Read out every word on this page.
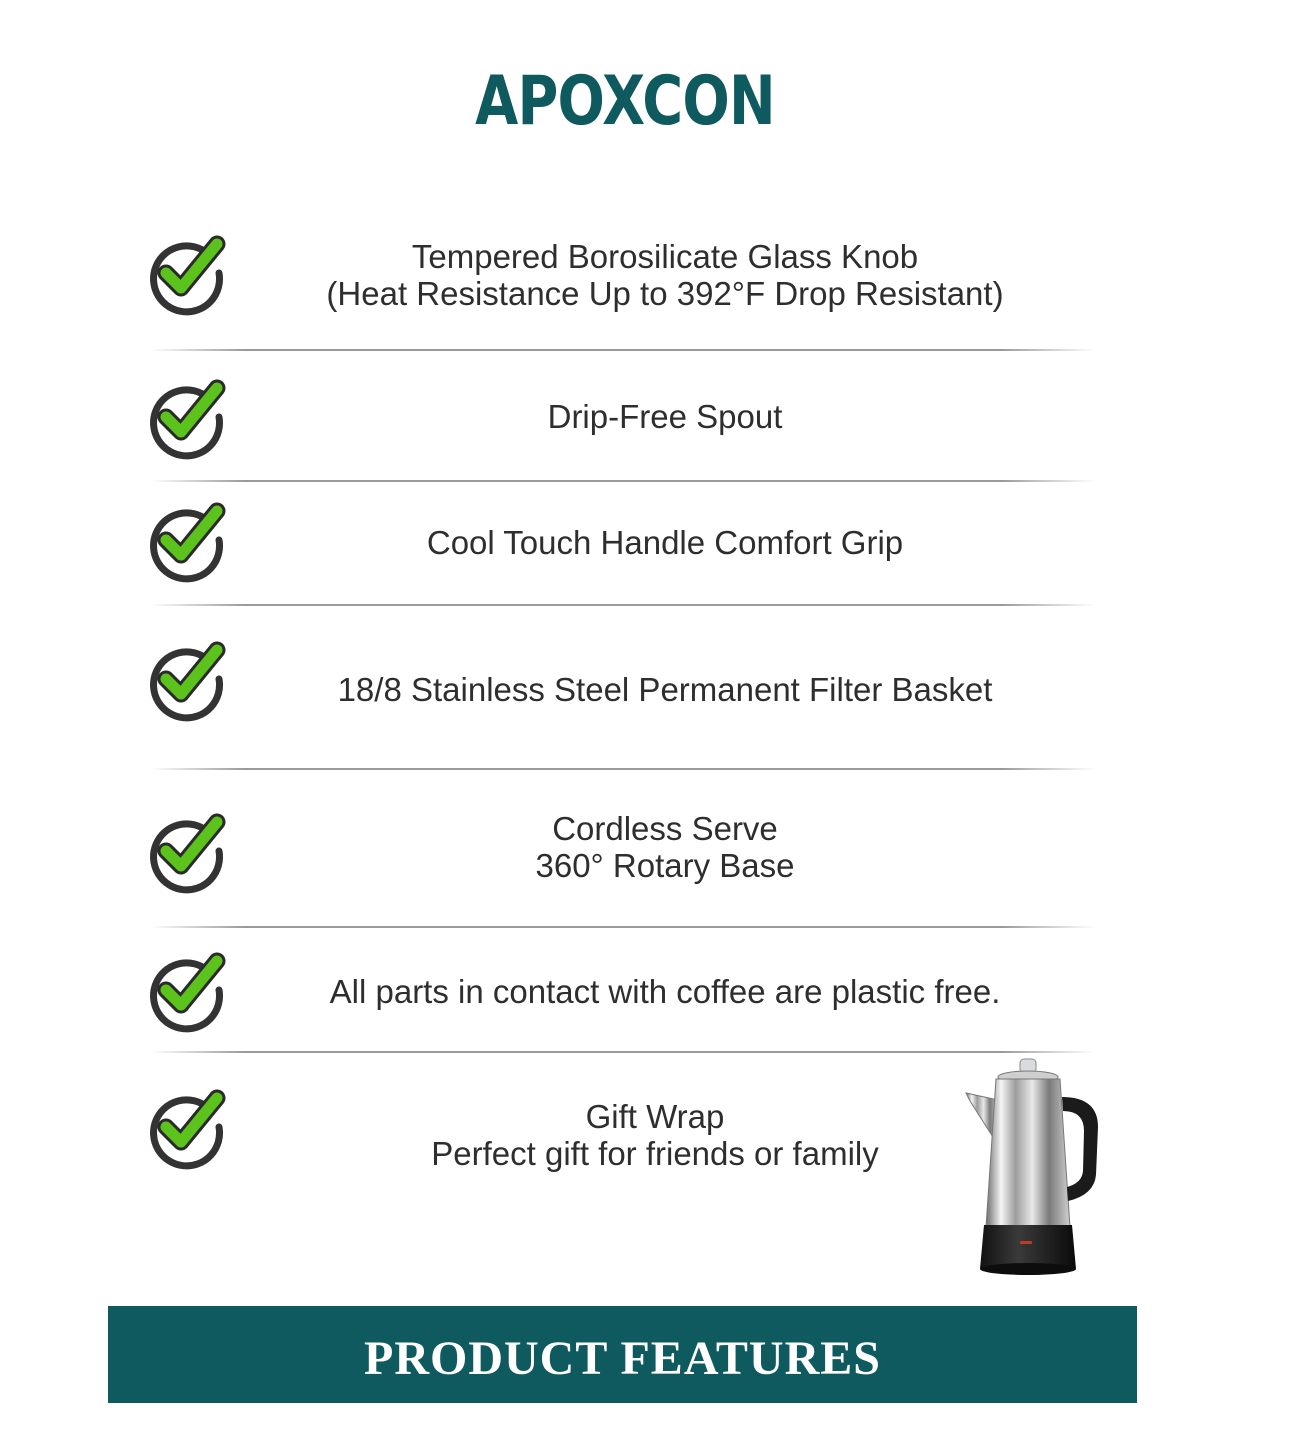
APOXCON
Tempered Borosilicate Glass Knob
(Heat Resistance Up to 392°F Drop Resistant)
Drip-Free Spout
Cool Touch Handle Comfort Grip
18/8 Stainless Steel Permanent Filter Basket
Cordless Serve
360° Rotary Base
All parts in contact with coffee are plastic free.
Gift Wrap
Perfect gift for friends or family
PRODUCT FEATURES
